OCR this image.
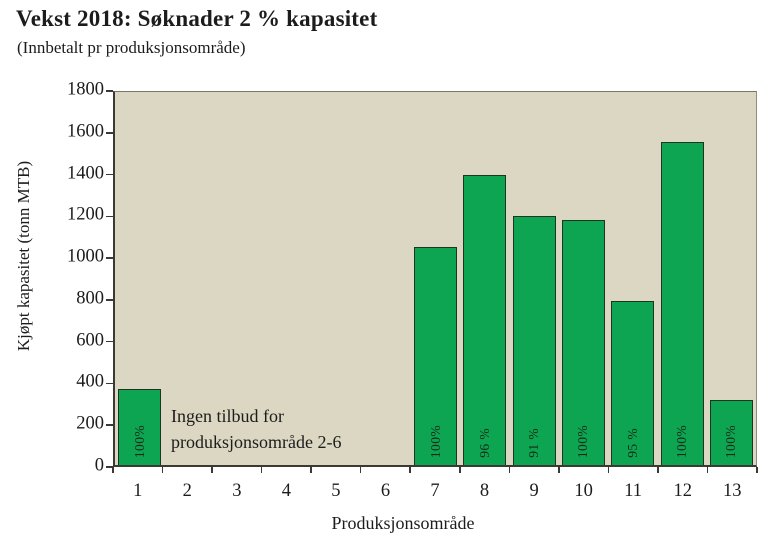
Vekst 2018: Søknader 2 % kapasitet
(Innbetalt pr produksjonsområde)
Kjøpt kapasitet (tonn MTB)
Ingen tilbud for
produksjonsområde 2-6
100%	100%	96 %	91 %	100%	95 %	100%	100%
Produksjonsområde
0
200
400
600
800
1000
1200
1400
1600
1800
1 2 3 4 5 6 7 8 9 10 11 12 13
